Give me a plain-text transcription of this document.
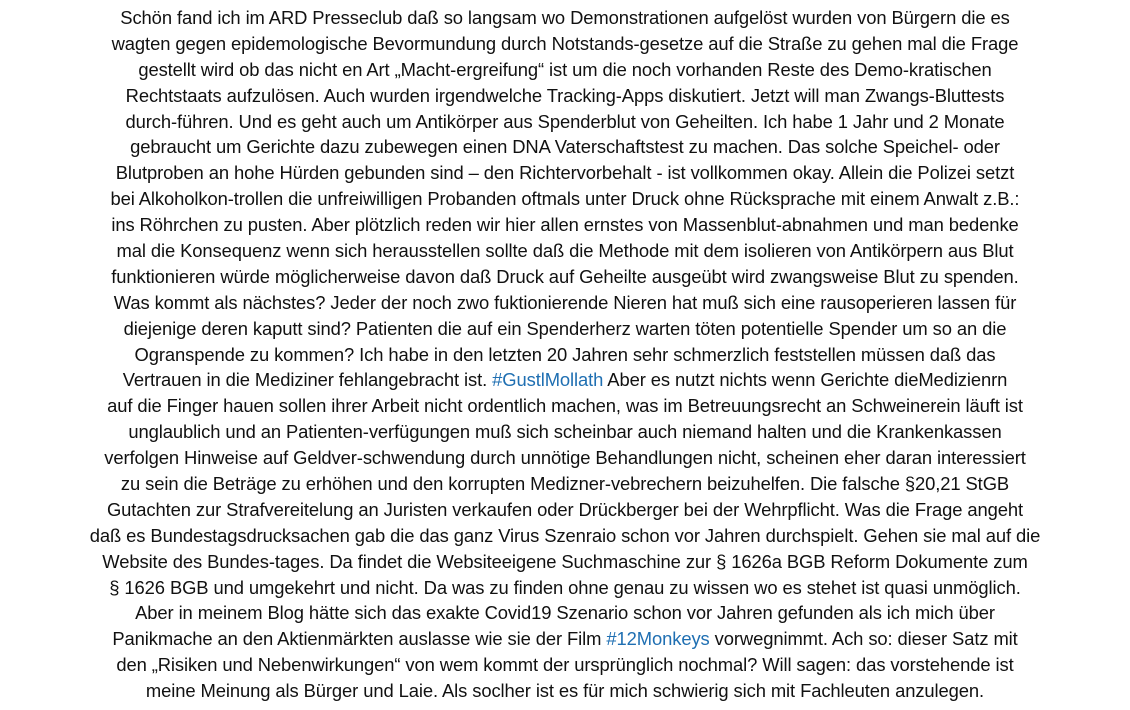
Schön fand ich im ARD Presseclub daß so langsam wo Demonstrationen aufgelöst wurden von Bürgern die es
wagten gegen epidemologische Bevormundung durch Notstands-gesetze auf die Straße zu gehen mal die Frage
gestellt wird ob das nicht en Art „Macht-ergreifung“ ist um die noch vorhanden Reste des Demo-kratischen
Rechtstaats aufzulösen. Auch wurden irgendwelche Tracking-Apps diskutiert. Jetzt will man Zwangs-Bluttests
durch-führen. Und es geht auch um Antikörper aus Spenderblut von Geheilten. Ich habe 1 Jahr und 2 Monate
gebraucht um Gerichte dazu zubewegen einen DNA Vaterschaftstest zu machen. Das solche Speichel- oder
Blutproben an hohe Hürden gebunden sind – den Richtervorbehalt - ist vollkommen okay. Allein die Polizei setzt
bei Alkoholkon-trollen die unfreiwilligen Probanden oftmals unter Druck ohne Rücksprache mit einem Anwalt z.B.:
ins Röhrchen zu pusten. Aber plötzlich reden wir hier allen ernstes von Massenblut-abnahmen und man bedenke
mal die Konsequenz wenn sich herausstellen sollte daß die Methode mit dem isolieren von Antikörpern aus Blut
funktionieren würde möglicherweise davon daß Druck auf Geheilte ausgeübt wird zwangsweise Blut zu spenden.
Was kommt als nächstes? Jeder der noch zwo fuktionierende Nieren hat muß sich eine rausoperieren lassen für
diejenige deren kaputt sind? Patienten die auf ein Spenderherz warten töten potentielle Spender um so an die
Ogranspende zu kommen? Ich habe in den letzten 20 Jahren sehr schmerzlich feststellen müssen daß das
Vertrauen in die Mediziner fehlangebracht ist. #GustlMollath Aber es nutzt nichts wenn Gerichte dieMedizienrn
auf die Finger hauen sollen ihrer Arbeit nicht ordentlich machen, was im Betreuungsrecht an Schweinerein läuft ist
unglaublich und an Patienten-verfügungen muß sich scheinbar auch niemand halten und die Krankenkassen
verfolgen Hinweise auf Geldver-schwendung durch unnötige Behandlungen nicht, scheinen eher daran interessiert
zu sein die Beträge zu erhöhen und den korrupten Medizner-vebrechern beizuhelfen. Die falsche §20,21 StGB
Gutachten zur Strafvereitelung an Juristen verkaufen oder Drückberger bei der Wehrpflicht. Was die Frage angeht
daß es Bundestagsdrucksachen gab die das ganz Virus Szenraio schon vor Jahren durchspielt. Gehen sie mal auf die
Website des Bundes-tages. Da findet die Websiteeigene Suchmaschine zur § 1626a BGB Reform Dokumente zum
§ 1626 BGB und umgekehrt und nicht. Da was zu finden ohne genau zu wissen wo es stehet ist quasi unmöglich.
Aber in meinem Blog hätte sich das exakte Covid19 Szenario schon vor Jahren gefunden als ich mich über
Panikmache an den Aktienmärkten auslasse wie sie der Film #12Monkeys vorwegnimmt. Ach so: dieser Satz mit
den „Risiken und Nebenwirkungen“ von wem kommt der ursprünglich nochmal? Will sagen: das vorstehende ist
meine Meinung als Bürger und Laie. Als soclher ist es für mich schwierig sich mit Fachleuten anzulegen.
